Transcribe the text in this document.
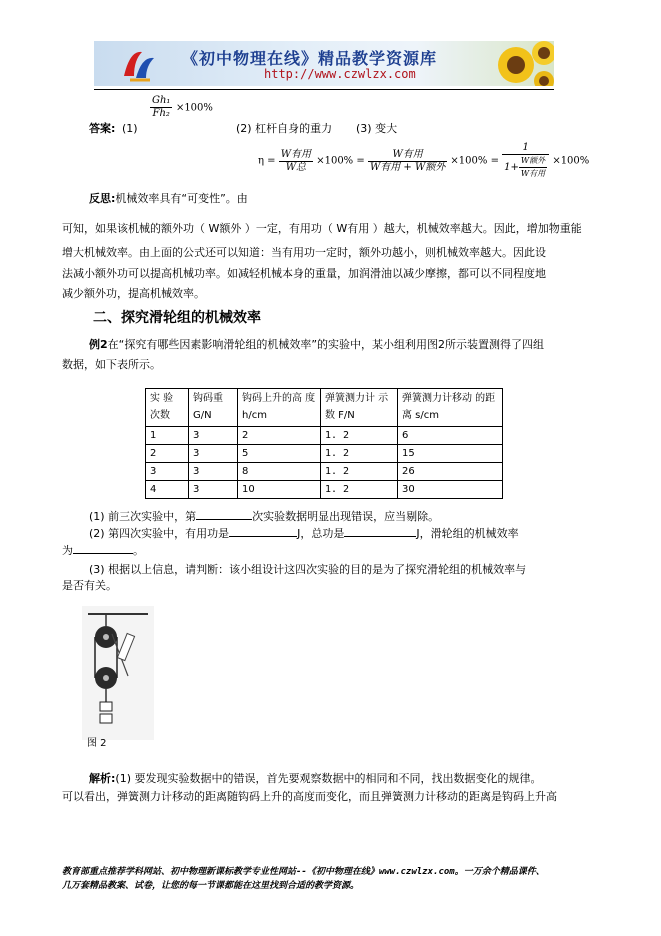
《初中物理在线》精品教学资源库
http://www.czwlzx.com
答案: (1)
$\frac{\text{Gh₁}}{\text{Fh₂}} \times 100\%$
(2) 杠杆自身的重力 (3) 变大
$\eta = \frac{\text{W有用}}{\text{W总}} \times 100\% = \frac{\text{W有用}}{\text{W有用 + W额外}} \times 100\% = \frac{1}{1+ \frac{\text{W额外}}{\text{W有用}}} \times 100\%$
反思:机械效率具有“可变性”。由
可知，如果该机械的额外功（ W额外 ）一定，有用功（ W有用 ）越大，机械效率越大。因此，增加物重能
增大机械效率。由上面的公式还可以知道：当有用功一定时，额外功越小，则机械效率越大。因此设
法减小额外功可以提高机械功率。如减轻机械本身的重量，加润滑油以减少摩擦，都可以不同程度地
减少额外功，提高机械效率。
二、探究滑轮组的机械效率
例2在“探究有哪些因素影响滑轮组的机械效率”的实验中，某小组利用图2所示装置测得了四组
数据，如下表所示。
实 验 次数	钩码重 G/N	钩码上升的高 度 h/cm	弹簧测力计 示数 F/N	弹簧测力计移动 的距离 s/cm
1	3	2	1. 2	6
2	3	5	1. 2	15
3	3	8	1. 2	26
4	3	10	1. 2	30
(1) 前三次实验中，第	次实验数据明显出现错误，应当剔除。
(2) 第四次实验中，有用功是	J，总功是	J，滑轮组的机械效率
为	。
(3) 根据以上信息，请判断：该小组设计这四次实验的目的是为了探究滑轮组的机械效率与
是否有关。
图 2
解析:(1) 要发现实验数据中的错误，首先要观察数据中的相同和不同，找出数据变化的规律。
可以看出，弹簧测力计移动的距离随钩码上升的高度而变化，而且弹簧测力计移动的距离是钩码上升高
教育部重点推荐学科网站、初中物理新课标教学专业性网站--《初中物理在线》www.czwlzx.com。一万余个精品课件、
几万套精品教案、试卷，让您的每一节课都能在这里找到合适的教学资源。
